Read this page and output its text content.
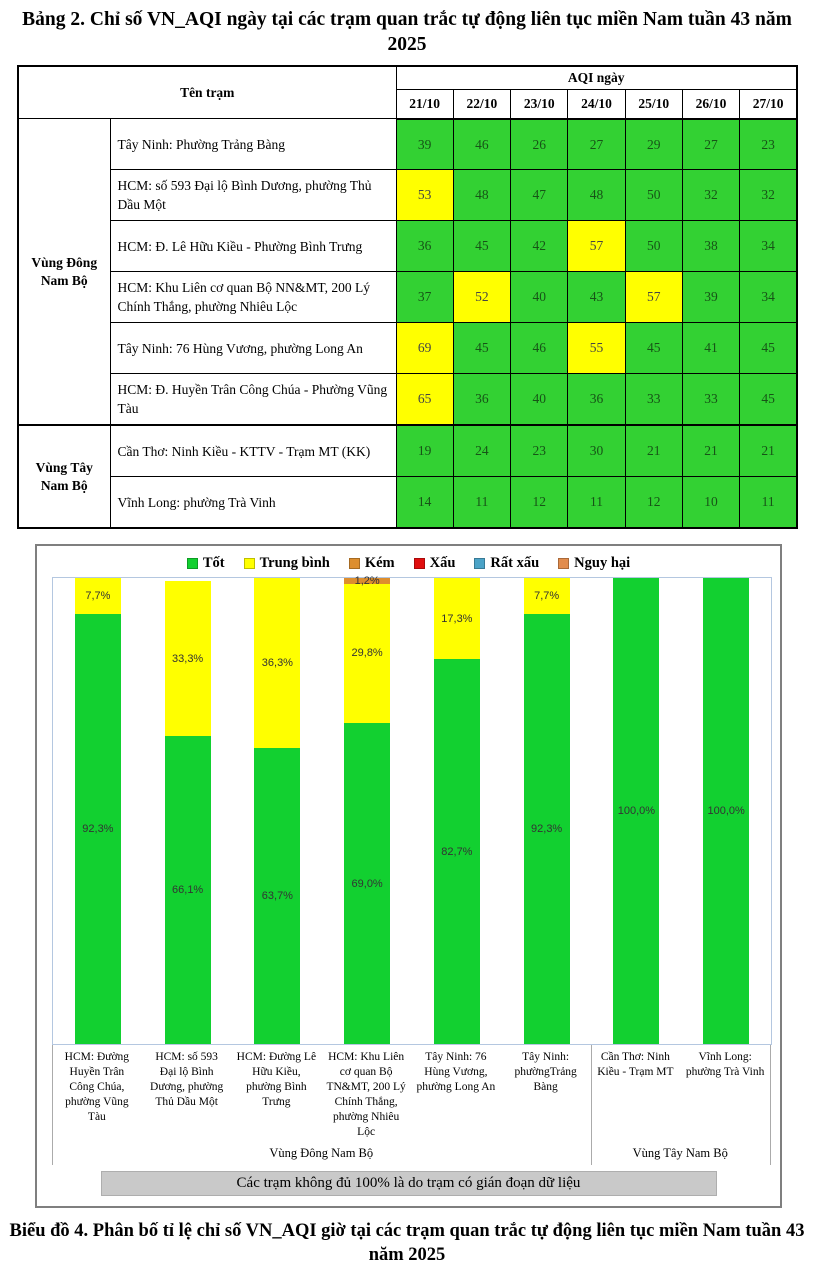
Bảng 2. Chỉ số VN_AQI ngày tại các trạm quan trắc tự động liên tục miền Nam tuần 43 năm 2025
Tên trạm		AQI ngày						
		21/10	22/10	23/10	24/10	25/10	26/10	27/10
Vùng Đông Nam Bộ	Tây Ninh: Phường Trảng Bàng	39	46	26	27	29	27	23
	HCM: số 593 Đại lộ Bình Dương, phường Thủ Dầu Một	53	48	47	48	50	32	32
	HCM: Đ. Lê Hữu Kiều - Phường Bình Trưng	36	45	42	57	50	38	34
	HCM: Khu Liên cơ quan Bộ NN&MT, 200 Lý Chính Thắng, phường Nhiêu Lộc	37	52	40	43	57	39	34
	Tây Ninh: 76 Hùng Vương, phường Long An	69	45	46	55	45	41	45
	HCM: Đ. Huyền Trân Công Chúa - Phường Vũng Tàu	65	36	40	36	33	33	45
Vùng Tây Nam Bộ	Cần Thơ: Ninh Kiều - KTTV - Trạm MT (KK)	19	24	23	30	21	21	21
	Vĩnh Long: phường Trà Vinh	14	11	12	11	12	10	11
Tốt Trung bình Kém Xấu Rất xấu Nguy hại
92,3%
7,7%
66,1%
33,3%
63,7%
36,3%
69,0%
29,8%
1,2%
82,7%
17,3%
92,3%
7,7%
100,0%	100,0%
HCM: Đường Huyền Trân Công Chúa, phường Vũng Tàu
HCM: số 593 Đại lộ Bình Dương, phường Thủ Dầu Một
HCM: Đường Lê Hữu Kiều, phường Bình Trưng
HCM: Khu Liên cơ quan Bộ TN&MT, 200 Lý Chính Thắng, phường Nhiêu Lộc
Tây Ninh: 76 Hùng Vương, phường Long An
Tây Ninh: phườngTrảng Bàng
Cần Thơ: Ninh Kiều - Trạm MT
Vĩnh Long: phường Trà Vinh
Vùng Đông Nam Bộ	Vùng Tây Nam Bộ
Các trạm không đủ 100% là do trạm có gián đoạn dữ liệu
Biểu đồ 4. Phân bố tỉ lệ chỉ số VN_AQI giờ tại các trạm quan trắc tự động liên tục miền Nam tuần 43 năm 2025
